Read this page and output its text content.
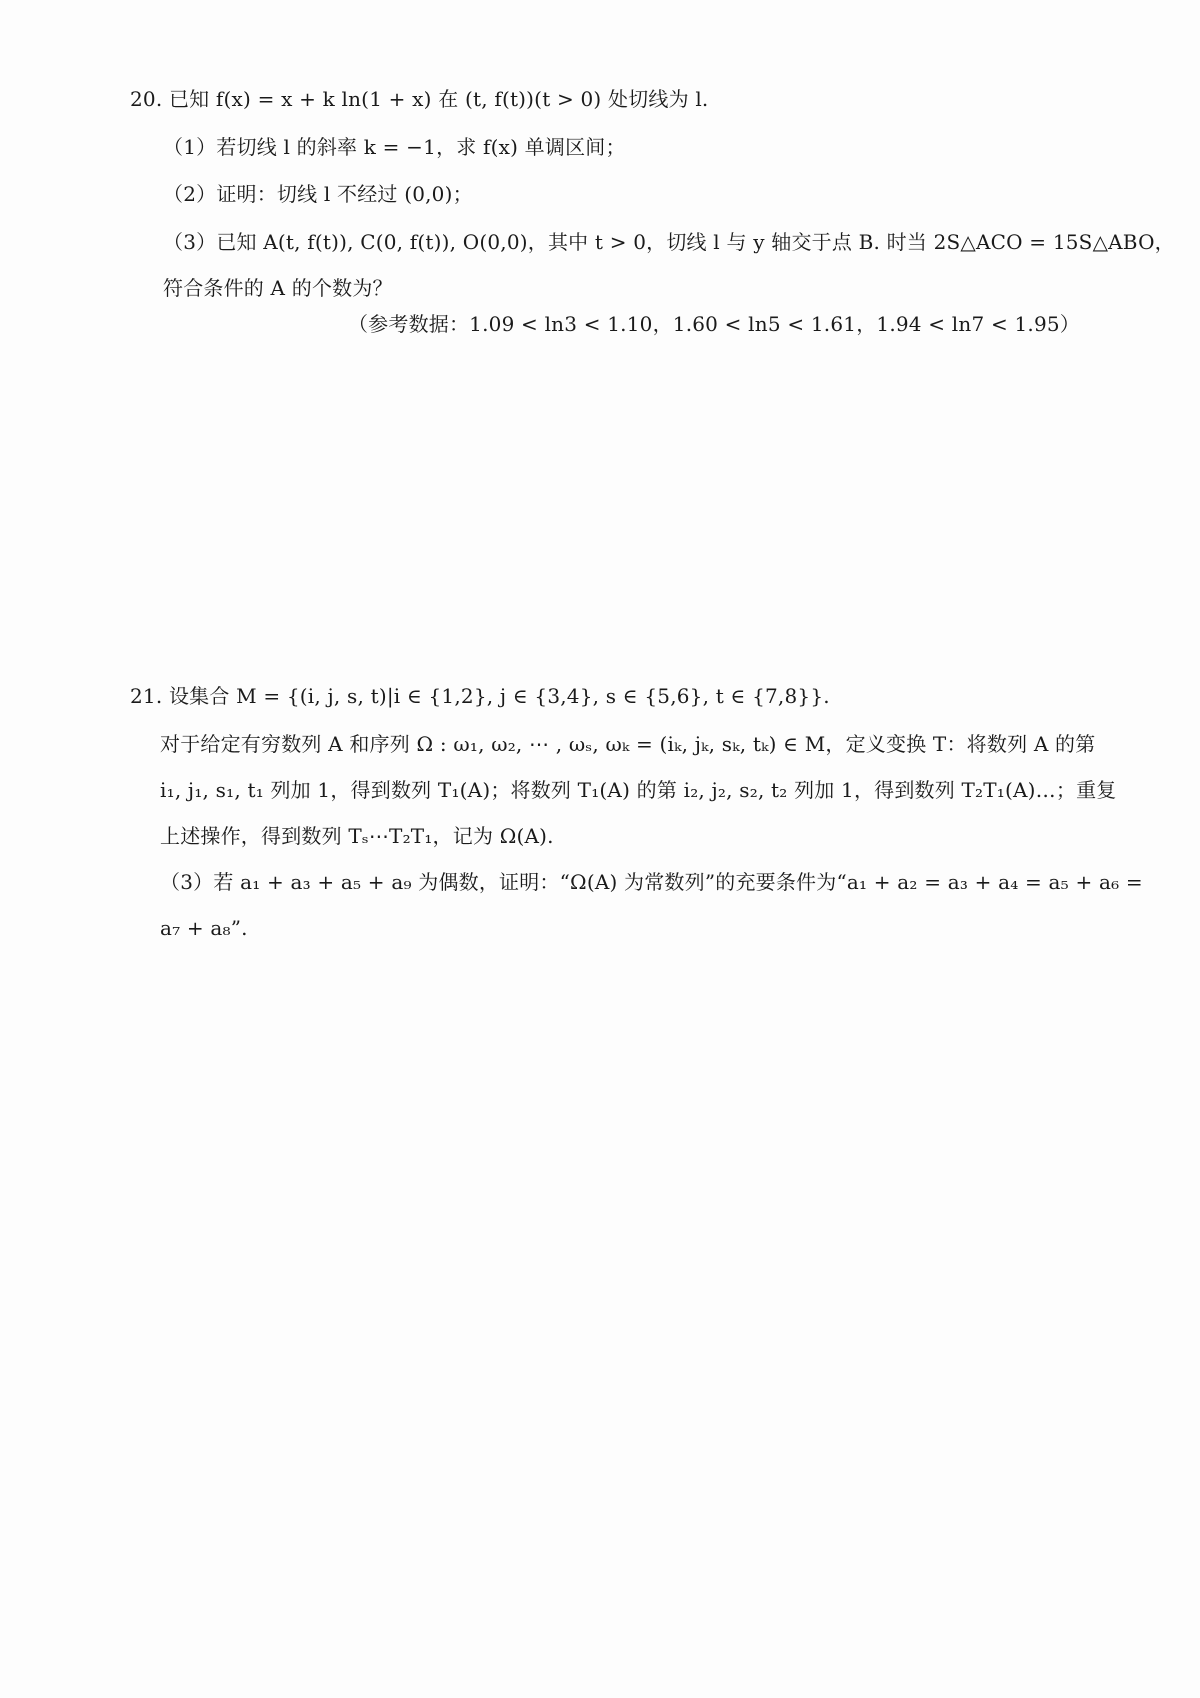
20. 已知 f(x) = x + k ln(1 + x) 在 (t, f(t))(t > 0) 处切线为 l.
（1）若切线 l 的斜率 k = −1，求 f(x) 单调区间；
（2）证明：切线 l 不经过 (0,0)；
（3）已知 A(t, f(t)), C(0, f(t)), O(0,0)，其中 t > 0，切线 l 与 y 轴交于点 B. 时当 2S△ACO = 15S△ABO，
符合条件的 A 的个数为？
（参考数据：1.09 < ln3 < 1.10，1.60 < ln5 < 1.61，1.94 < ln7 < 1.95）
21. 设集合 M = {(i, j, s, t)|i ∈ {1,2}, j ∈ {3,4}, s ∈ {5,6}, t ∈ {7,8}}.
对于给定有穷数列 A 和序列 Ω : ω₁, ω₂, ⋯ , ωₛ, ωₖ = (iₖ, jₖ, sₖ, tₖ) ∈ M，定义变换 T：将数列 A 的第
i₁, j₁, s₁, t₁ 列加 1，得到数列 T₁(A)；将数列 T₁(A) 的第 i₂, j₂, s₂, t₂ 列加 1，得到数列 T₂T₁(A)…；重复
上述操作，得到数列 Tₛ⋯T₂T₁，记为 Ω(A).
（3）若 a₁ + a₃ + a₅ + a₉ 为偶数，证明：“Ω(A) 为常数列”的充要条件为“a₁ + a₂ = a₃ + a₄ = a₅ + a₆ =
a₇ + a₈”.
